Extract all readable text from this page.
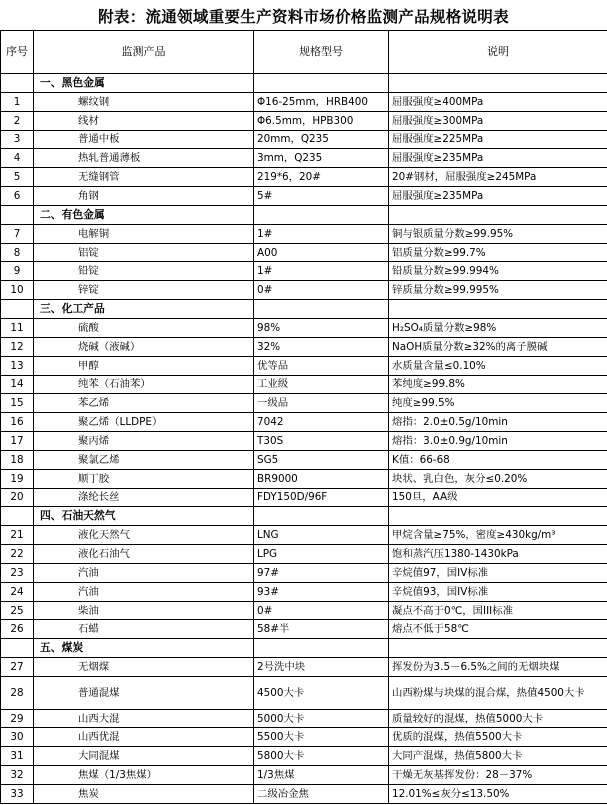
附表：流通领域重要生产资料市场价格监测产品规格说明表
序号	监测产品	规格型号	说明
	一、黑色金属		
1	螺纹钢	Φ16-25mm，HRB400	屈服强度≥400MPa
2	线材	Φ6.5mm，HPB300	屈服强度≥300MPa
3	普通中板	20mm，Q235	屈服强度≥225MPa
4	热轧普通薄板	3mm，Q235	屈服强度≥235MPa
5	无缝钢管	219*6，20#	20#钢材，屈服强度≥245MPa
6	角钢	5#	屈服强度≥235MPa
	二、有色金属		
7	电解铜	1#	铜与银质量分数≥99.95%
8	铝锭	A00	铝质量分数≥99.7%
9	铅锭	1#	铅质量分数≥99.994%
10	锌锭	0#	锌质量分数≥99.995%
	三、化工产品		
11	硫酸	98%	H₂SO₄质量分数≥98%
12	烧碱（液碱）	32%	NaOH质量分数≥32%的离子膜碱
13	甲醇	优等品	水质量含量≤0.10%
14	纯苯（石油苯）	工业级	苯纯度≥99.8%
15	苯乙烯	一级品	纯度≥99.5%
16	聚乙烯（LLDPE）	7042	熔指：2.0±0.5g/10min
17	聚丙烯	T30S	熔指：3.0±0.9g/10min
18	聚氯乙烯	SG5	K值：66-68
19	顺丁胶	BR9000	块状、乳白色，灰分≤0.20%
20	涤纶长丝	FDY150D/96F	150旦，AA级
	四、石油天然气		
21	液化天然气	LNG	甲烷含量≥75%，密度≥430kg/m³
22	液化石油气	LPG	饱和蒸汽压1380-1430kPa
23	汽油	97#	辛烷值97，国IV标准
24	汽油	93#	辛烷值93，国IV标准
25	柴油	0#	凝点不高于0℃，国III标准
26	石蜡	58#半	熔点不低于58℃
	五、煤炭		
27	无烟煤	2号洗中块	挥发份为3.5－6.5%之间的无烟块煤
28	普通混煤	4500大卡	山西粉煤与块煤的混合煤，热值4500大卡
29	山西大混	5000大卡	质量较好的混煤，热值5000大卡
30	山西优混	5500大卡	优质的混煤，热值5500大卡
31	大同混煤	5800大卡	大同产混煤，热值5800大卡
32	焦煤（1/3焦煤）	1/3焦煤	干燥无灰基挥发份：28－37%
33	焦炭	二级冶金焦	12.01%≤灰分≤13.50%
